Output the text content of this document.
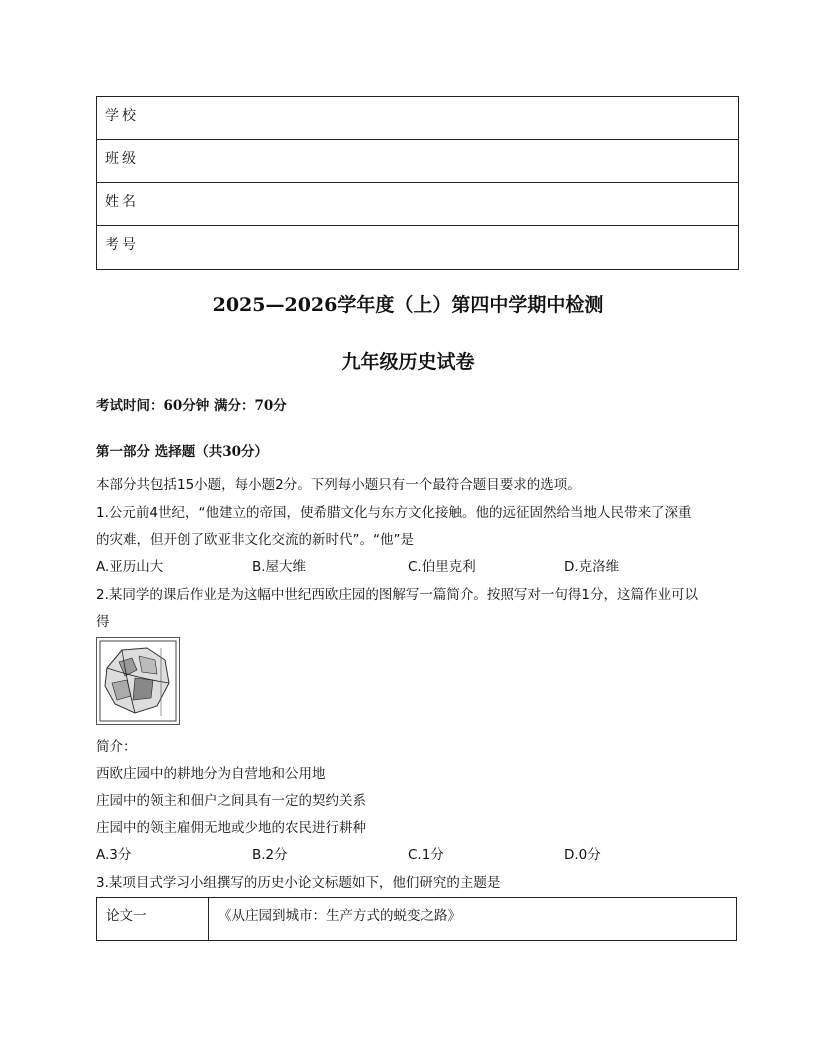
学校
班级
姓名
考号
2025—2026学年度（上）第四中学期中检测
九年级历史试卷
考试时间：60分钟 满分：70分
第一部分 选择题（共30分）
本部分共包括15小题，每小题2分。下列每小题只有一个最符合题目要求的选项。
1.公元前4世纪，“他建立的帝国，使希腊文化与东方文化接触。他的远征固然给当地人民带来了深重
的灾难，但开创了欧亚非文化交流的新时代”。“他”是
A.亚历山大	B.屋大维	C.伯里克利	D.克洛维
2.某同学的课后作业是为这幅中世纪西欧庄园的图解写一篇简介。按照写对一句得1分，这篇作业可以
得
简介：
西欧庄园中的耕地分为自营地和公用地
庄园中的领主和佃户之间具有一定的契约关系
庄园中的领主雇佣无地或少地的农民进行耕种
A.3分	B.2分	C.1分	D.0分
3.某项目式学习小组撰写的历史小论文标题如下，他们研究的主题是
论文一	《从庄园到城市：生产方式的蜕变之路》
